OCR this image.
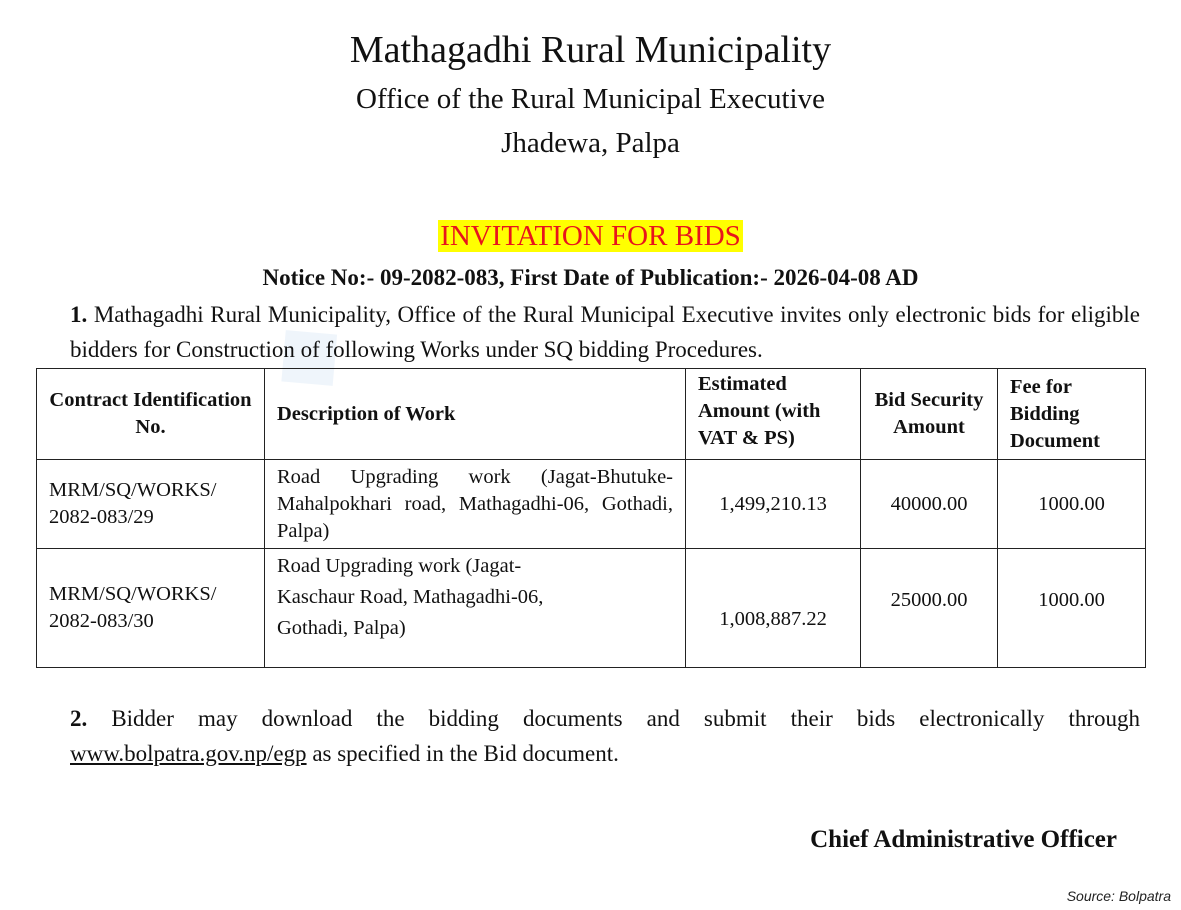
◆
Mathagadhi Rural Municipality
Office of the Rural Municipal Executive
Jhadewa, Palpa
INVITATION FOR BIDS
Notice No:- 09-2082-083, First Date of Publication:- 2026-04-08 AD
1. Mathagadhi Rural Municipality, Office of the Rural Municipal Executive invites only electronic bids for eligible bidders for Construction of following Works under SQ bidding Procedures.
Contract Identification No.	Description of Work	Estimated Amount (with VAT & PS)	Bid Security Amount	Fee for Bidding Document
MRM/SQ/WORKS/ 2082-083/29	Road Upgrading work (Jagat-Bhutuke-Mahalpokhari road, Mathagadhi-06, Gothadi, Palpa)	1,499,210.13	40000.00	1000.00
MRM/SQ/WORKS/ 2082-083/30	Road Upgrading work (Jagat-Kaschaur Road, Mathagadhi-06, Gothadi, Palpa)	1,008,887.22	25000.00	1000.00
2. Bidder may download the bidding documents and submit their bids electronically through www.bolpatra.gov.np/egp as specified in the Bid document.
Chief Administrative Officer
Source: Bolpatra
